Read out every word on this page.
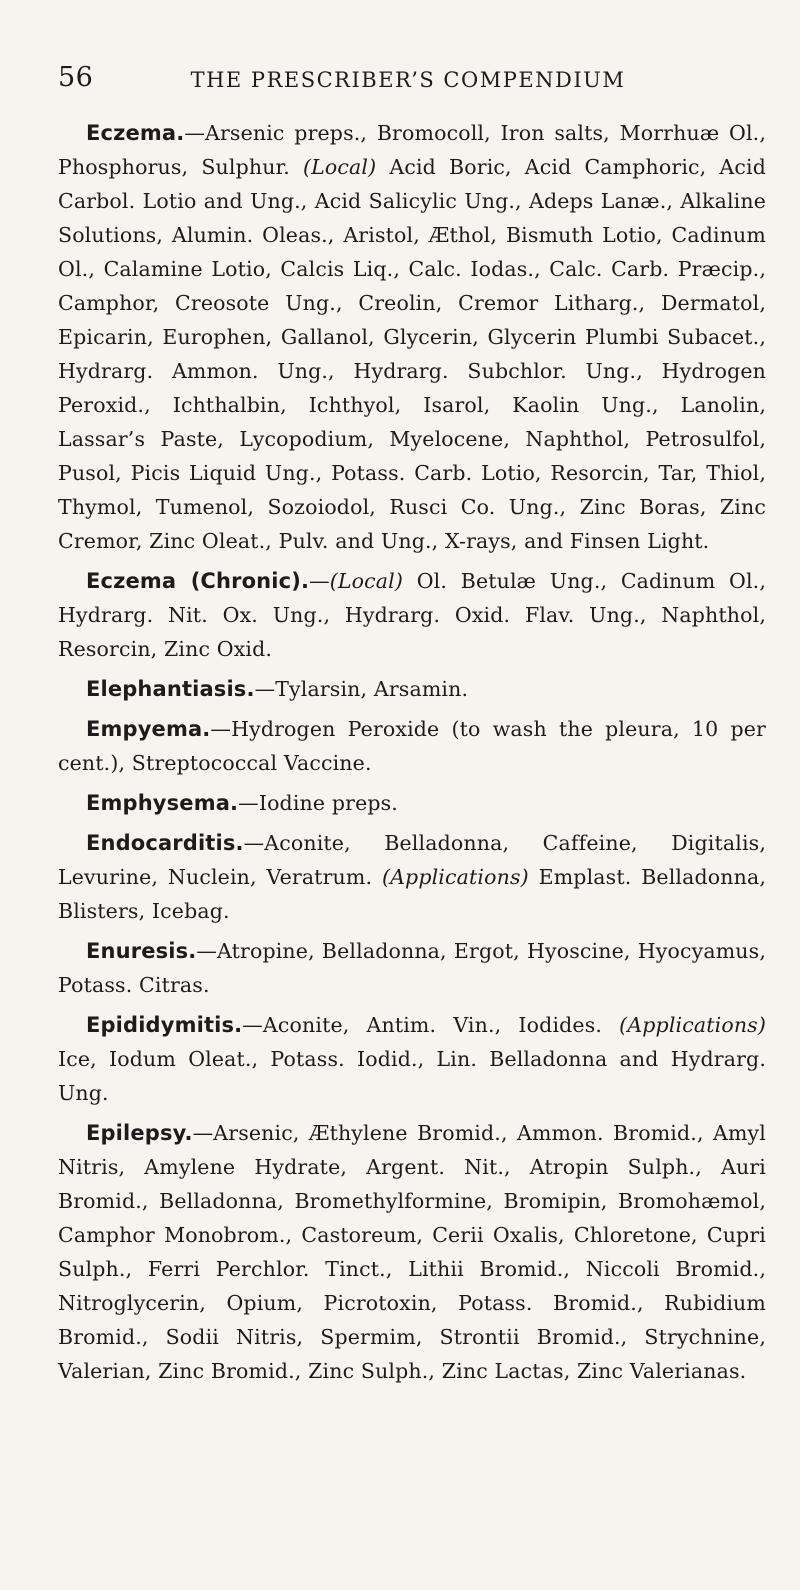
56	THE PRESCRIBER’S COMPENDIUM

Eczema.—Arsenic preps., Bromocoll, Iron salts, Morrhuæ Ol., Phosphorus, Sulphur. (Local) Acid Boric, Acid Camphoric, Acid Carbol. Lotio and Ung., Acid Salicylic Ung., Adeps Lanæ., Alkaline Solutions, Alumin. Oleas., Aristol, Æthol, Bismuth Lotio, Cadinum Ol., Calamine Lotio, Calcis Liq., Calc. Iodas., Calc. Carb. Præcip., Camphor, Creosote Ung., Creolin, Cremor Litharg., Dermatol, Epicarin, Europhen, Gallanol, Glycerin, Glycerin Plumbi Subacet., Hydrarg. Ammon. Ung., Hydrarg. Subchlor. Ung., Hydrogen Peroxid., Ichthalbin, Ichthyol, Isarol, Kaolin Ung., Lanolin, Lassar’s Paste, Lycopodium, Myelocene, Naphthol, Petrosulfol, Pusol, Picis Liquid Ung., Potass. Carb. Lotio, Resorcin, Tar, Thiol, Thymol, Tumenol, Sozoiodol, Rusci Co. Ung., Zinc Boras, Zinc Cremor, Zinc Oleat., Pulv. and Ung., X-rays, and Finsen Light.

Eczema (Chronic).—(Local) Ol. Betulæ Ung., Cadinum Ol., Hydrarg. Nit. Ox. Ung., Hydrarg. Oxid. Flav. Ung., Naphthol, Resorcin, Zinc Oxid.

Elephantiasis.—Tylarsin, Arsamin.

Empyema.—Hydrogen Peroxide (to wash the pleura, 10 per cent.), Streptococcal Vaccine.

Emphysema.—Iodine preps.

Endocarditis.—Aconite, Belladonna, Caffeine, Digitalis, Levurine, Nuclein, Veratrum. (Applications) Emplast. Belladonna, Blisters, Icebag.

Enuresis.—Atropine, Belladonna, Ergot, Hyoscine, Hyocyamus, Potass. Citras.

Epididymitis.—Aconite, Antim. Vin., Iodides. (Applications) Ice, Iodum Oleat., Potass. Iodid., Lin. Belladonna and Hydrarg. Ung.

Epilepsy.—Arsenic, Æthylene Bromid., Ammon. Bromid., Amyl Nitris, Amylene Hydrate, Argent. Nit., Atropin Sulph., Auri Bromid., Belladonna, Bromethylformine, Bromipin, Bromohæmol, Camphor Monobrom., Castoreum, Cerii Oxalis, Chloretone, Cupri Sulph., Ferri Perchlor. Tinct., Lithii Bromid., Niccoli Bromid., Nitroglycerin, Opium, Picrotoxin, Potass. Bromid., Rubidium Bromid., Sodii Nitris, Spermim, Strontii Bromid., Strychnine, Valerian, Zinc Bromid., Zinc Sulph., Zinc Lactas, Zinc Valerianas.
